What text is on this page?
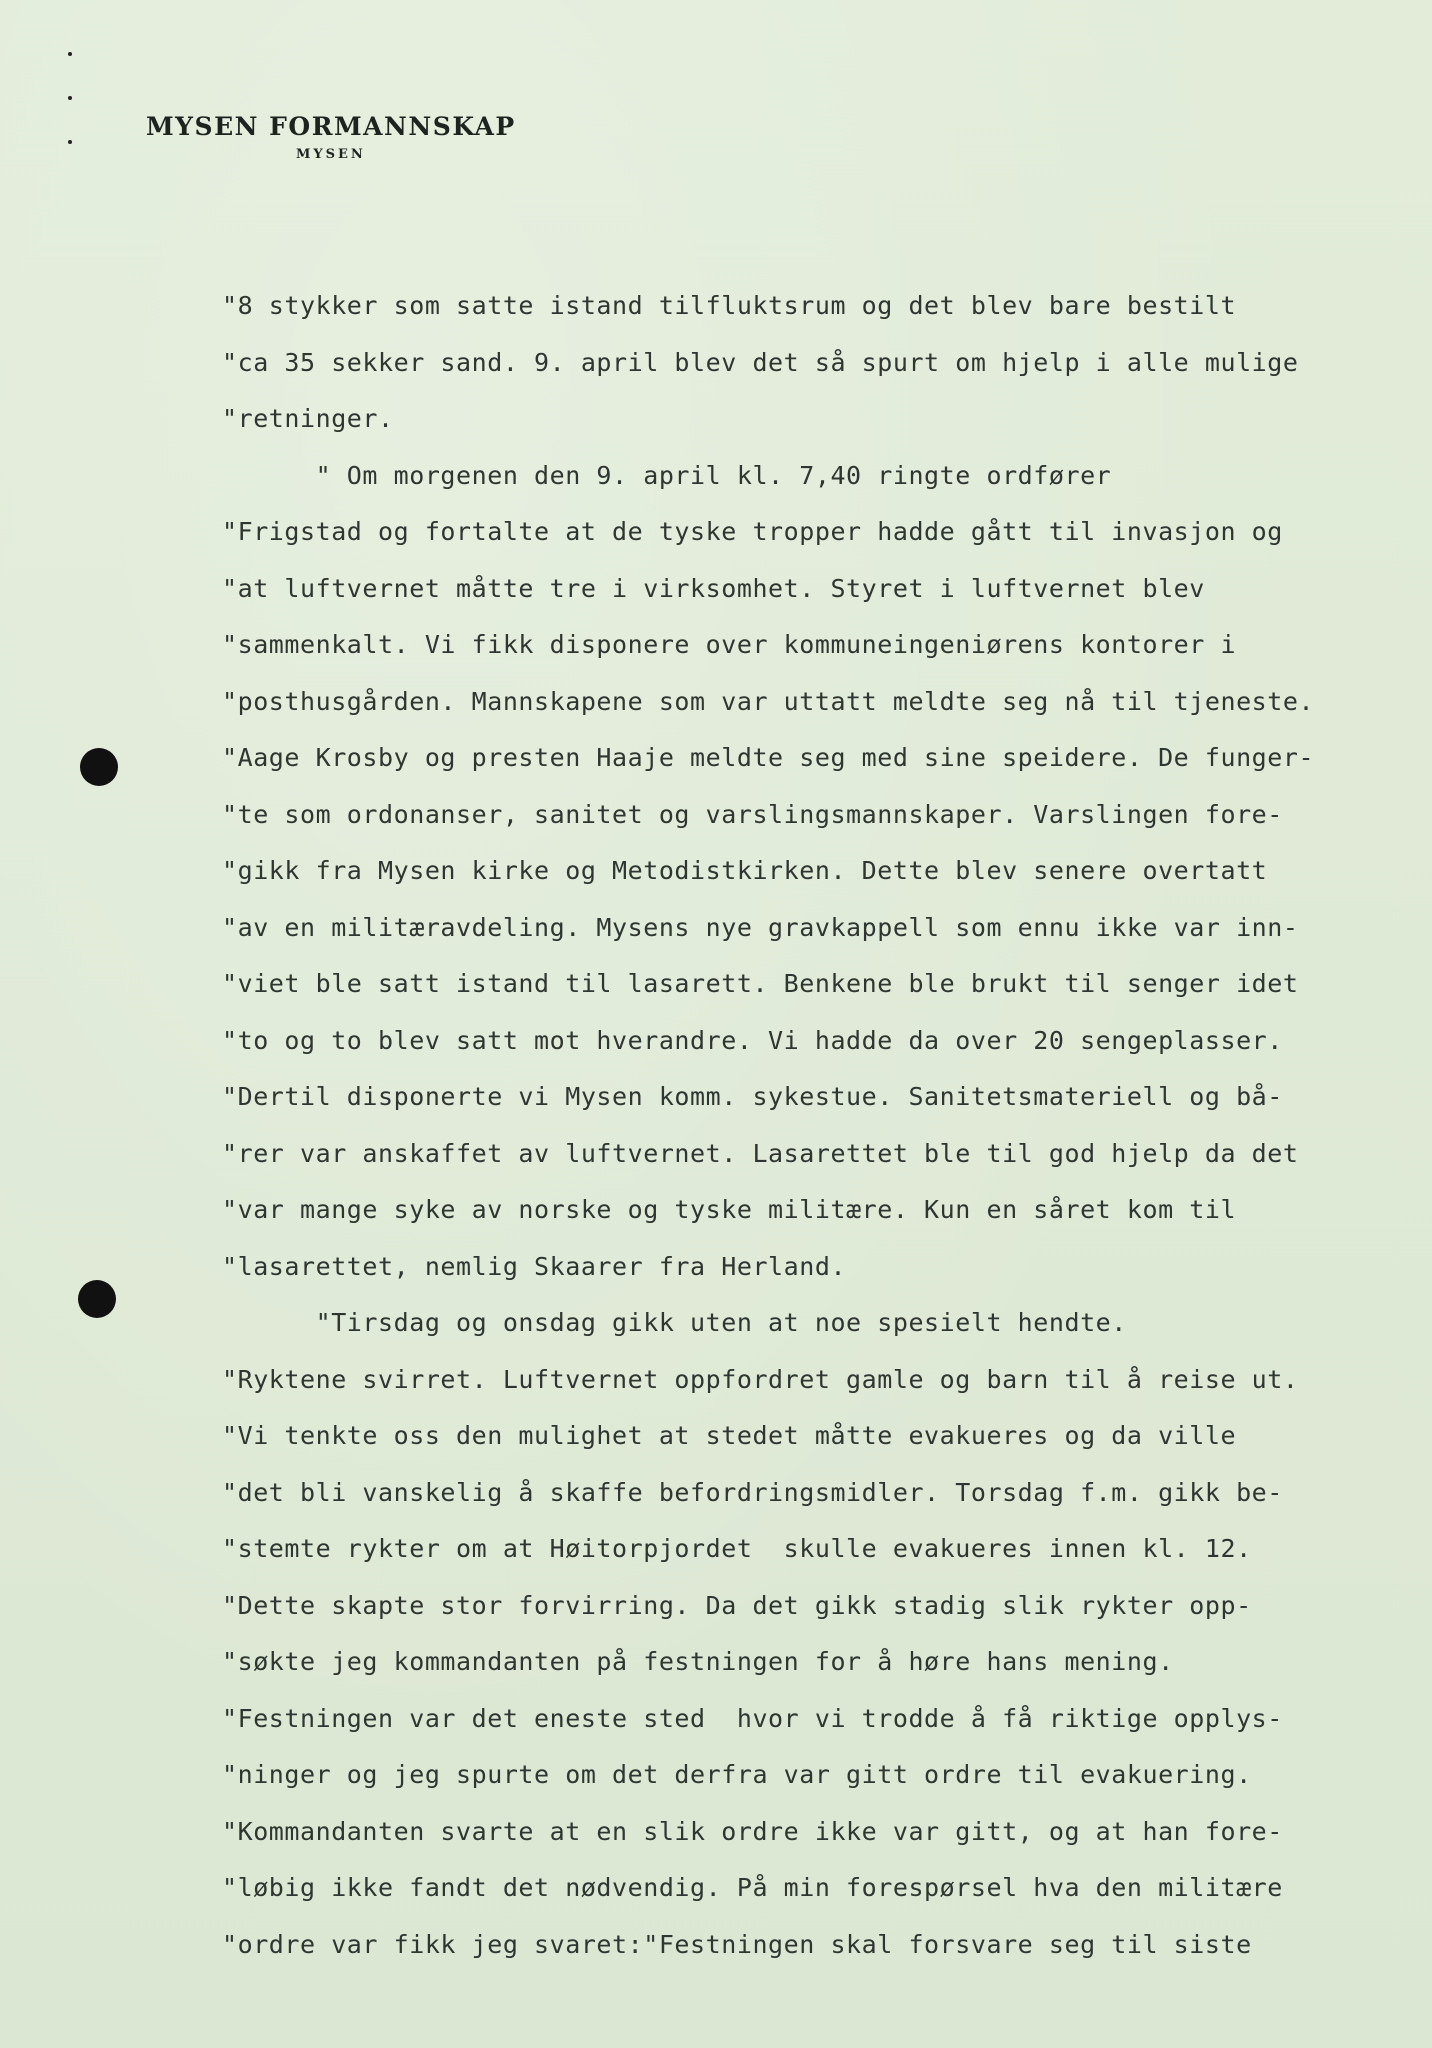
MYSEN FORMANNSKAP
MYSEN
"8 stykker som satte istand tilfluktsrum og det blev bare bestilt
"ca 35 sekker sand. 9. april blev det så spurt om hjelp i alle mulige
"retninger.
" Om morgenen den 9. april kl. 7,40 ringte ordfører
"Frigstad og fortalte at de tyske tropper hadde gått til invasjon og
"at luftvernet måtte tre i virksomhet. Styret i luftvernet blev
"sammenkalt. Vi fikk disponere over kommuneingeniørens kontorer i
"posthusgården. Mannskapene som var uttatt meldte seg nå til tjeneste.
"Aage Krosby og presten Haaje meldte seg med sine speidere. De funger-
"te som ordonanser, sanitet og varslingsmannskaper. Varslingen fore-
"gikk fra Mysen kirke og Metodistkirken. Dette blev senere overtatt
"av en militæravdeling. Mysens nye gravkappell som ennu ikke var inn-
"viet ble satt istand til lasarett. Benkene ble brukt til senger idet
"to og to blev satt mot hverandre. Vi hadde da over 20 sengeplasser.
"Dertil disponerte vi Mysen komm. sykestue. Sanitetsmateriell og bå-
"rer var anskaffet av luftvernet. Lasarettet ble til god hjelp da det
"var mange syke av norske og tyske militære. Kun en såret kom til
"lasarettet, nemlig Skaarer fra Herland.
"Tirsdag og onsdag gikk uten at noe spesielt hendte.
"Ryktene svirret. Luftvernet oppfordret gamle og barn til å reise ut.
"Vi tenkte oss den mulighet at stedet måtte evakueres og da ville
"det bli vanskelig å skaffe befordringsmidler. Torsdag f.m. gikk be-
"stemte rykter om at Høitorpjordet  skulle evakueres innen kl. 12.
"Dette skapte stor forvirring. Da det gikk stadig slik rykter opp-
"søkte jeg kommandanten på festningen for å høre hans mening.
"Festningen var det eneste sted  hvor vi trodde å få riktige opplys-
"ninger og jeg spurte om det derfra var gitt ordre til evakuering.
"Kommandanten svarte at en slik ordre ikke var gitt, og at han fore-
"løbig ikke fandt det nødvendig. På min forespørsel hva den militære
"ordre var fikk jeg svaret:"Festningen skal forsvare seg til siste
